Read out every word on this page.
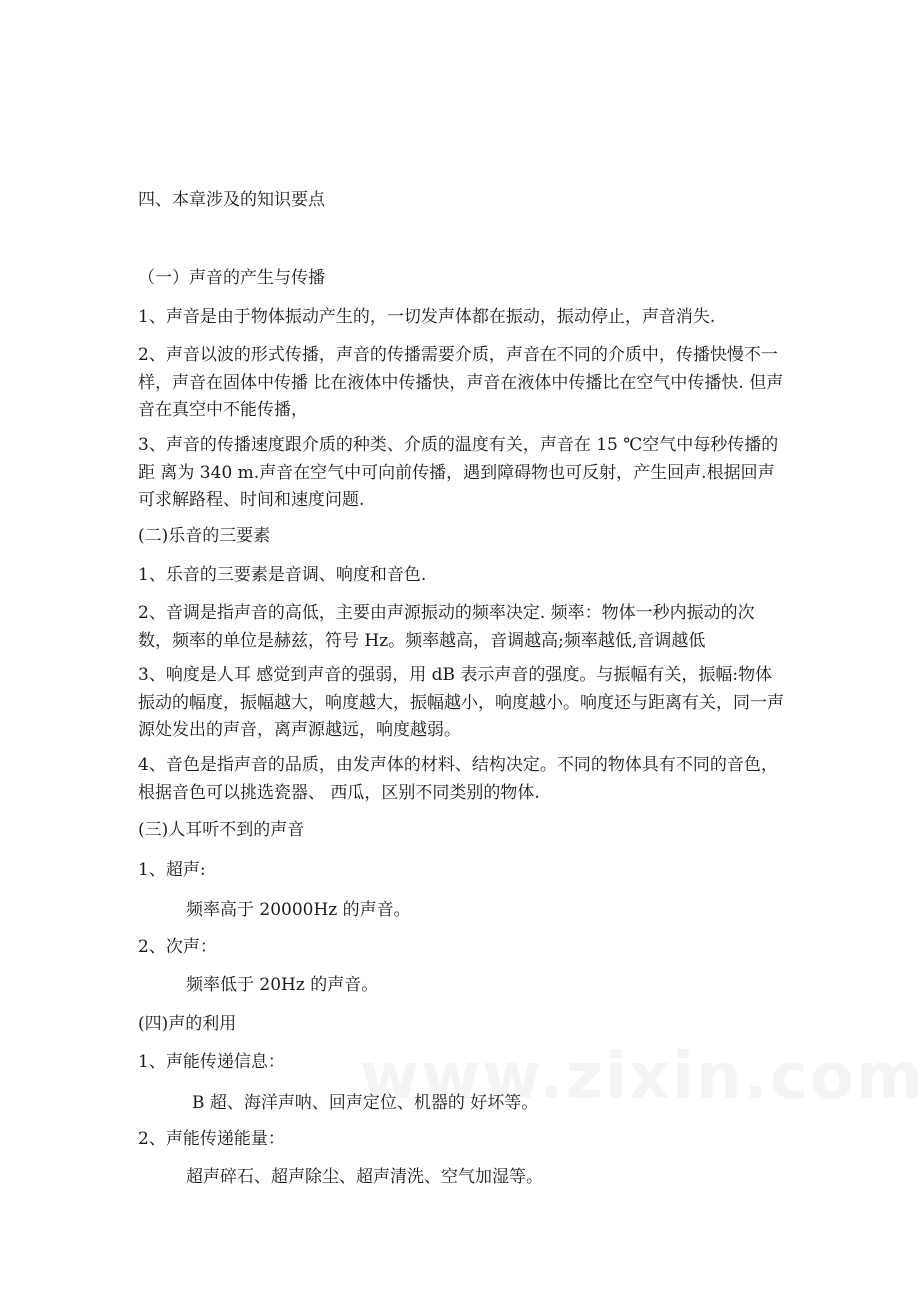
四、本章涉及的知识要点
（一）声音的产生与传播
1、声音是由于物体振动产生的，一切发声体都在振动，振动停止，声音消失.
2、声音以波的形式传播，声音的传播需要介质，声音在不同的介质中，传播快慢不一样，声音在固体中传播 比在液体中传播快，声音在液体中传播比在空气中传播快. 但声音在真空中不能传播，
3、声音的传播速度跟介质的种类、介质的温度有关，声音在 15 ℃空气中每秒传播的距 离为 340 m.声音在空气中可向前传播，遇到障碍物也可反射，产生回声.根据回声可求解路程、时间和速度问题.
(二)乐音的三要素
1、乐音的三要素是音调、响度和音色.
2、音调是指声音的高低，主要由声源振动的频率决定. 频率：物体一秒内振动的次数，频率的单位是赫兹，符号 Hz。频率越高，音调越高;频率越低,音调越低
3、响度是人耳 感觉到声音的强弱，用 dB 表示声音的强度。与振幅有关，振幅:物体振动的幅度，振幅越大，响度越大，振幅越小，响度越小。响度还与距离有关，同一声源处发出的声音，离声源越远，响度越弱。
4、音色是指声音的品质，由发声体的材料、结构决定。不同的物体具有不同的音色，根据音色可以挑选瓷器、 西瓜，区别不同类别的物体.
(三)人耳听不到的声音
1、超声:
频率高于 20000Hz 的声音。
2、次声：
频率低于 20Hz 的声音。
(四)声的利用
1、声能传递信息：
B 超、海洋声呐、回声定位、机器的 好坏等。
2、声能传递能量：
超声碎石、超声除尘、超声清洗、空气加湿等。
